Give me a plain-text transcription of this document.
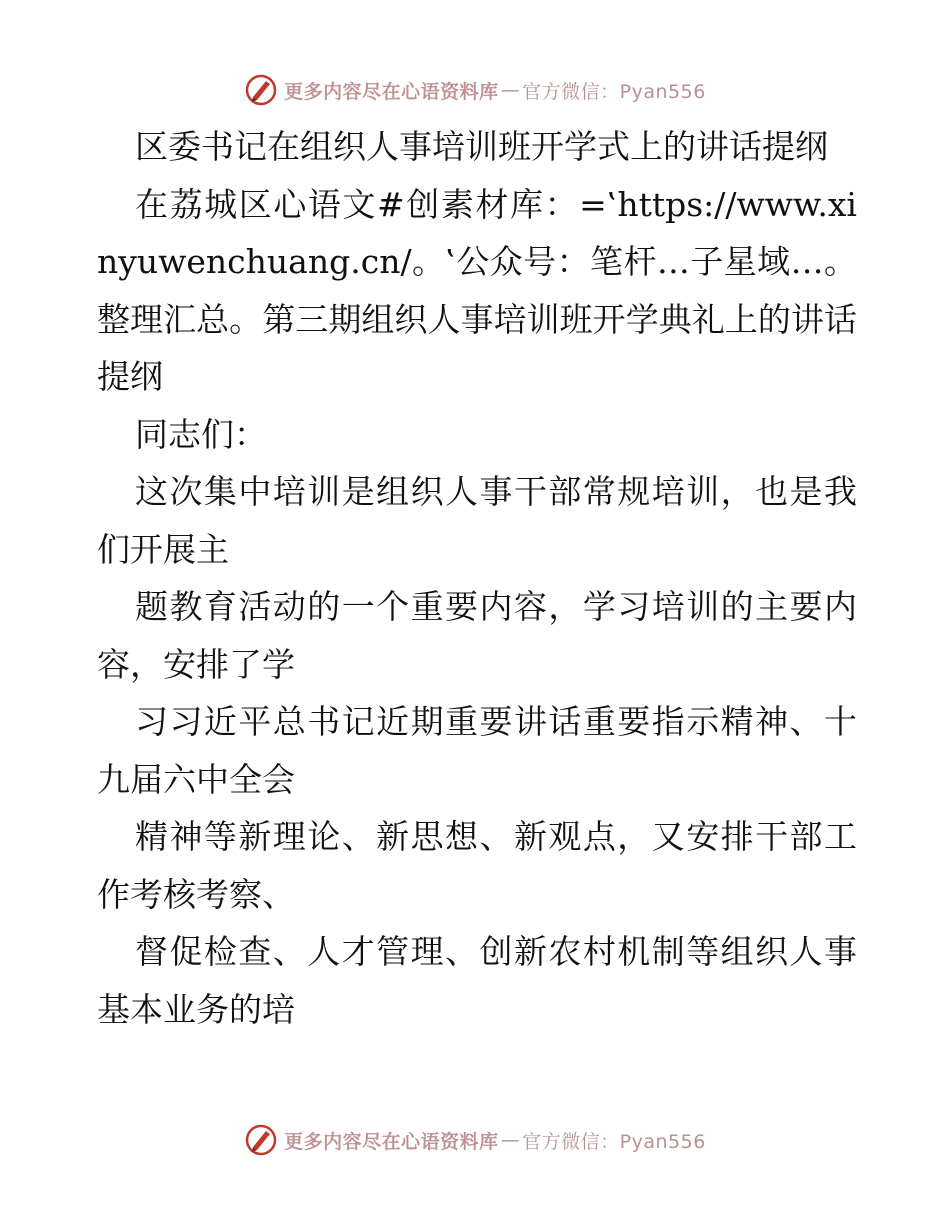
更多内容尽在心语资料库 — 官方微信：Pyan556

区委书记在组织人事培训班开学式上的讲话提纲

在荔城区心语文#创素材库：=‛https://www.xinyuwenchuang.cn/。‛公众号：笔杆…子星域…。整理汇总。第三期组织人事培训班开学典礼上的讲话提纲

同志们：

这次集中培训是组织人事干部常规培训，也是我们开展主

题教育活动的一个重要内容，学习培训的主要内容，安排了学

习习近平总书记近期重要讲话重要指示精神、十九届六中全会

精神等新理论、新思想、新观点，又安排干部工作考核考察、

督促检查、人才管理、创新农村机制等组织人事基本业务的培

更多内容尽在心语资料库 — 官方微信：Pyan556
